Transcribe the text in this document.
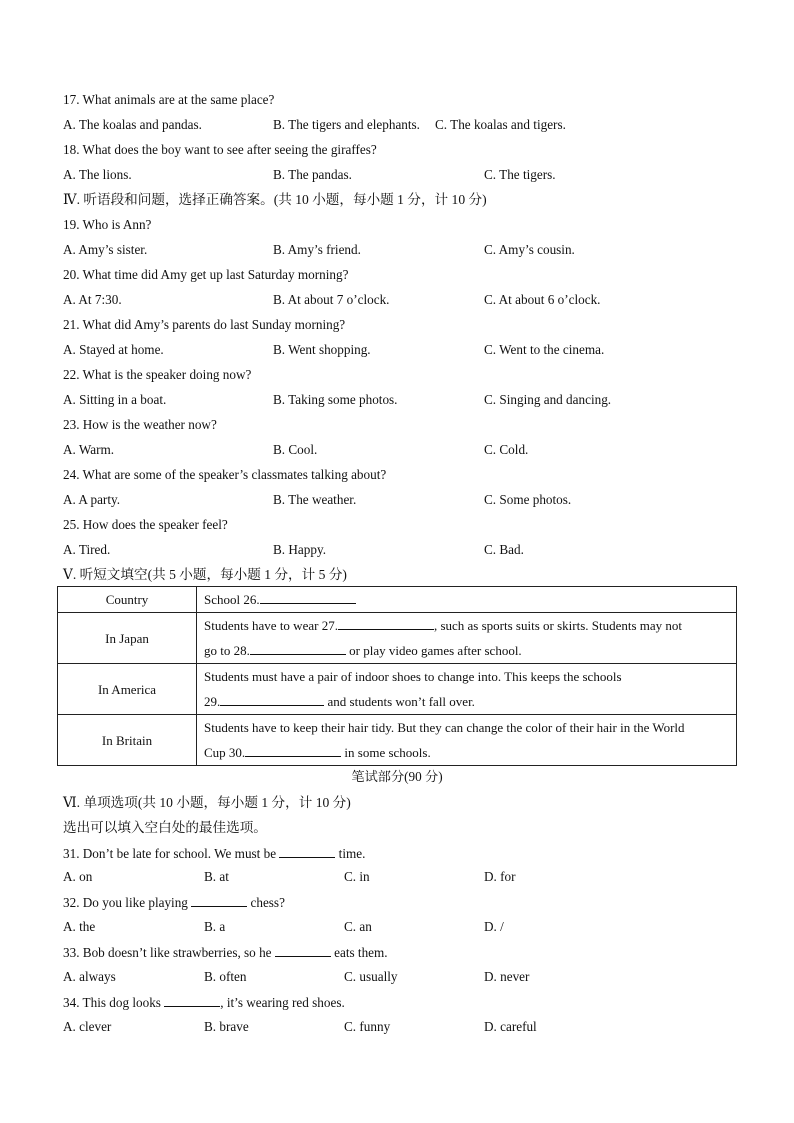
17. What animals are at the same place?
A. The koalas and pandas.	B. The tigers and elephants. C. The koalas and tigers.
18. What does the boy want to see after seeing the giraffes?
A. The lions.	B. The pandas.	C. The tigers.
Ⅳ. 听语段和问题，选择正确答案。(共 10 小题，每小题 1 分，计 10 分)
19. Who is Ann?
A. Amy’s sister.	B. Amy’s friend.	C. Amy’s cousin.
20. What time did Amy get up last Saturday morning?
A. At 7:30.	B. At about 7 o’clock.	C. At about 6 o’clock.
21. What did Amy’s parents do last Sunday morning?
A. Stayed at home.	B. Went shopping.	C. Went to the cinema.
22. What is the speaker doing now?
A. Sitting in a boat.	B. Taking some photos.	C. Singing and dancing.
23. How is the weather now?
A. Warm.	B. Cool.	C. Cold.
24. What are some of the speaker’s classmates talking about?
A. A party.	B. The weather.	C. Some photos.
25. How does the speaker feel?
A. Tired.	B. Happy.	C. Bad.
Ⅴ. 听短文填空(共 5 小题，每小题 1 分，计 5 分)
Country	School 26.
In Japan	Students have to wear 27. , such as sports suits or skirts. Students may not
go to 28. or play video games after school.

In America	Students must have a pair of indoor shoes to change into. This keeps the schools
29. and students won’t fall over.

In Britain	Students have to keep their hair tidy. But they can change the color of their hair in the World
Cup 30. in some schools.
笔试部分(90 分)
Ⅵ. 单项选项(共 10 小题，每小题 1 分，计 10 分)
选出可以填入空白处的最佳选项。
31. Don’t be late for school. We must be	time.
A. on	B. at	C. in	D. for
32. Do you like playing	chess?
A. the	B. a	C. an	D. /
33. Bob doesn’t like strawberries, so he	eats them.
A. always	B. often	C. usually	D. never
34. This dog looks	, it’s wearing red shoes.
A. clever	B. brave	C. funny	D. careful
